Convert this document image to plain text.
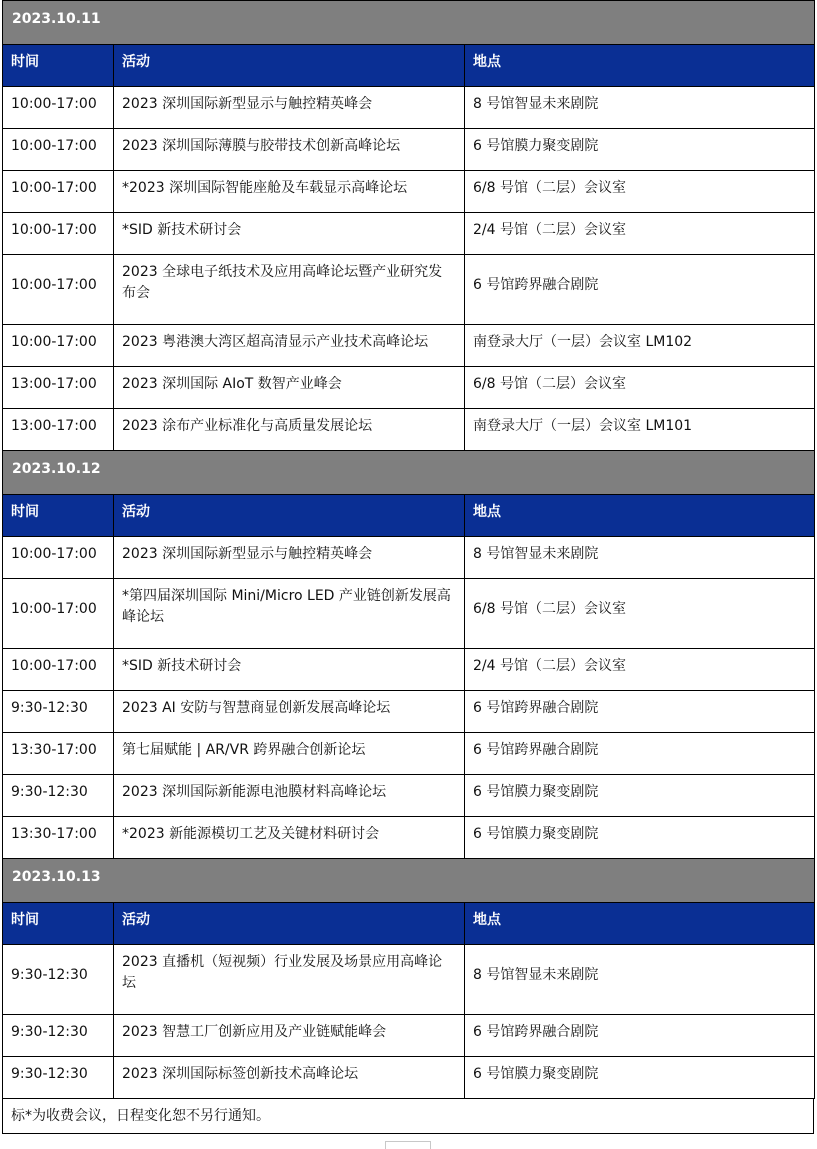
2023.10.11		
时间	活动	地点
10:00-17:00	2023 深圳国际新型显示与触控精英峰会	8 号馆智显未来剧院
10:00-17:00	2023 深圳国际薄膜与胶带技术创新高峰论坛	6 号馆膜力聚变剧院
10:00-17:00	*2023 深圳国际智能座舱及车载显示高峰论坛	6/8 号馆（二层）会议室
10:00-17:00	*SID 新技术研讨会	2/4 号馆（二层）会议室
10:00-17:00	2023 全球电子纸技术及应用高峰论坛暨产业研究发布会	6 号馆跨界融合剧院
10:00-17:00	2023 粤港澳大湾区超高清显示产业技术高峰论坛	南登录大厅（一层）会议室 LM102
13:00-17:00	2023 深圳国际 AIoT 数智产业峰会	6/8 号馆（二层）会议室
13:00-17:00	2023 涂布产业标准化与高质量发展论坛	南登录大厅（一层）会议室 LM101
2023.10.12		
时间	活动	地点
10:00-17:00	2023 深圳国际新型显示与触控精英峰会	8 号馆智显未来剧院
10:00-17:00	*第四届深圳国际 Mini/Micro LED 产业链创新发展高峰论坛	6/8 号馆（二层）会议室
10:00-17:00	*SID 新技术研讨会	2/4 号馆（二层）会议室
9:30-12:30	2023 AI 安防与智慧商显创新发展高峰论坛	6 号馆跨界融合剧院
13:30-17:00	第七届赋能 | AR/VR 跨界融合创新论坛	6 号馆跨界融合剧院
9:30-12:30	2023 深圳国际新能源电池膜材料高峰论坛	6 号馆膜力聚变剧院
13:30-17:00	*2023 新能源模切工艺及关键材料研讨会	6 号馆膜力聚变剧院
2023.10.13		
时间	活动	地点
9:30-12:30	2023 直播机（短视频）行业发展及场景应用高峰论坛	8 号馆智显未来剧院
9:30-12:30	2023 智慧工厂创新应用及产业链赋能峰会	6 号馆跨界融合剧院
9:30-12:30	2023 深圳国际标签创新技术高峰论坛	6 号馆膜力聚变剧院
标*为收费会议，日程变化恕不另行通知。
